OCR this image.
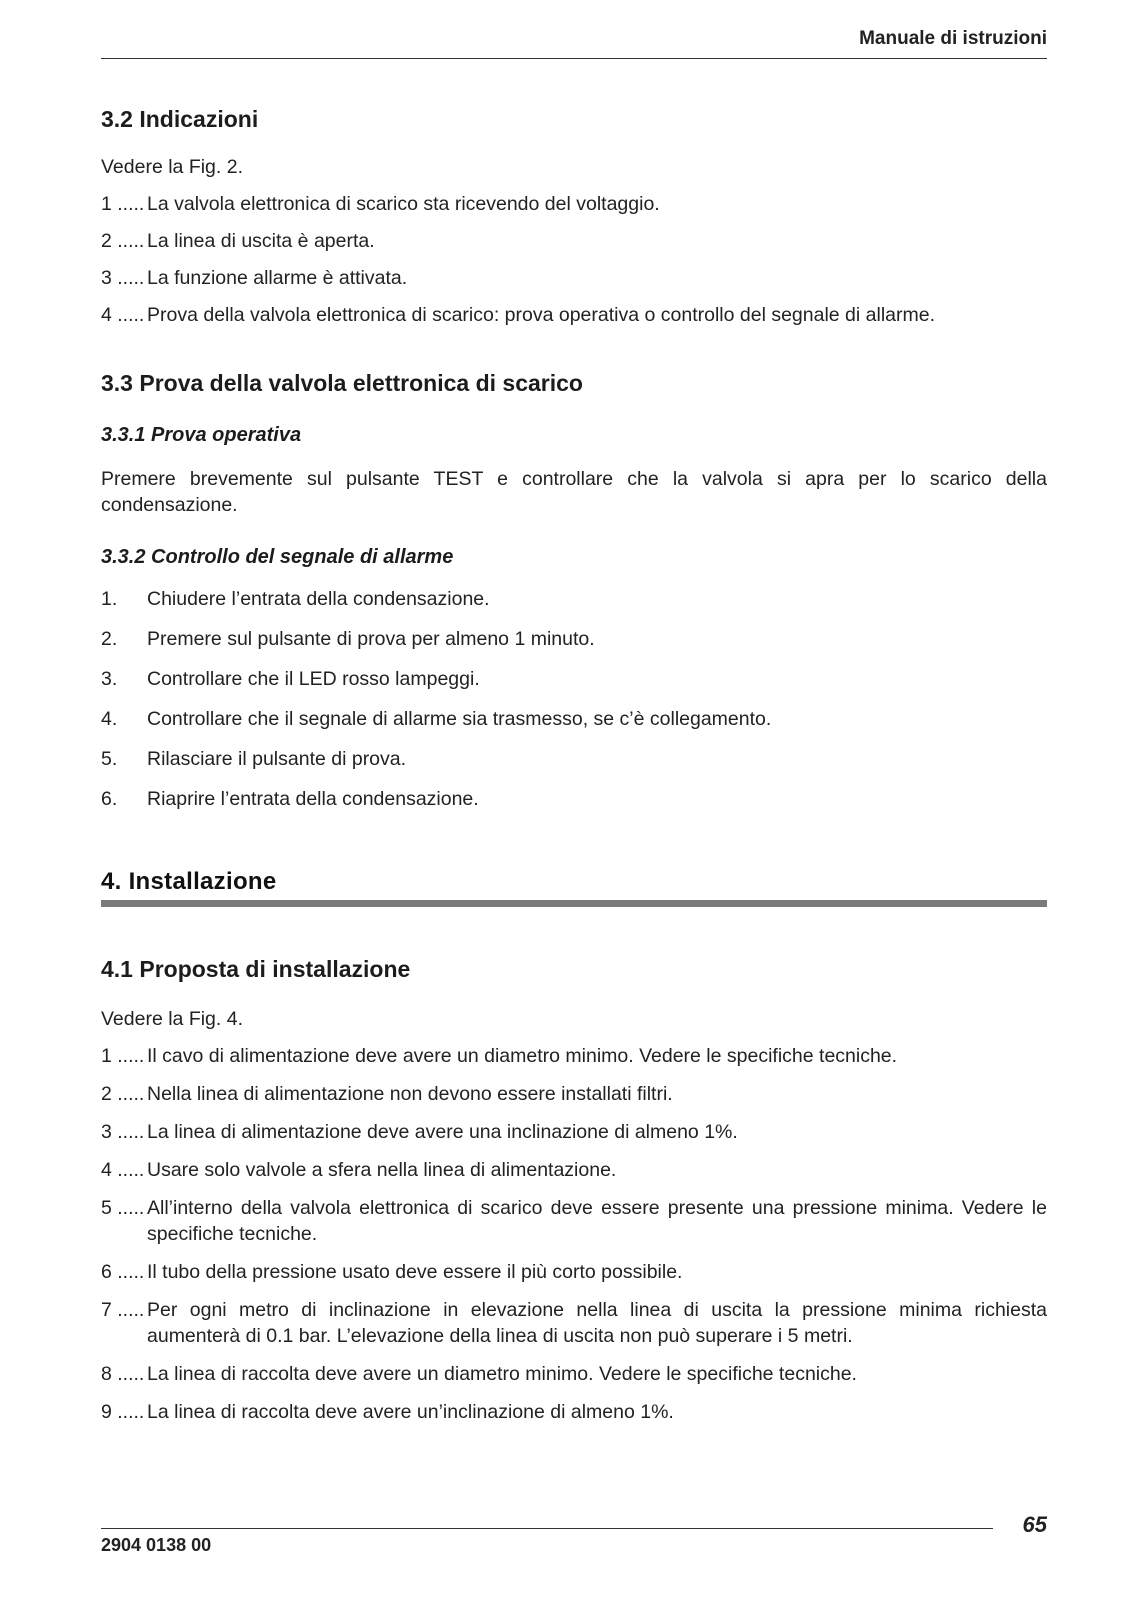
Manuale di istruzioni
3.2 Indicazioni
Vedere la Fig. 2.
1 ..... La valvola elettronica di scarico sta ricevendo del voltaggio.
2 ..... La linea di uscita è aperta.
3 ..... La funzione allarme è attivata.
4 ..... Prova della valvola elettronica di scarico: prova operativa o controllo del segnale di allarme.
3.3 Prova della valvola elettronica di scarico
3.3.1 Prova operativa
Premere brevemente sul pulsante TEST e controllare che la valvola si apra per lo scarico della condensazione.
3.3.2 Controllo del segnale di allarme
1. Chiudere l’entrata della condensazione.
2. Premere sul pulsante di prova per almeno 1 minuto.
3. Controllare che il LED rosso lampeggi.
4. Controllare che il segnale di allarme sia trasmesso, se c’è collegamento.
5. Rilasciare il pulsante di prova.
6. Riaprire l’entrata della condensazione.
4. Installazione
4.1 Proposta di installazione
Vedere la Fig. 4.
1 ..... Il cavo di alimentazione deve avere un diametro minimo. Vedere le specifiche tecniche.
2 ..... Nella linea di alimentazione non devono essere installati filtri.
3 ..... La linea di alimentazione deve avere una inclinazione di almeno 1%.
4 ..... Usare solo valvole a sfera nella linea di alimentazione.
5 ..... All’interno della valvola elettronica di scarico deve essere presente una pressione minima. Vedere le specifiche tecniche.
6 ..... Il tubo della pressione usato deve essere il più corto possibile.
7 ..... Per ogni metro di inclinazione in elevazione nella linea di uscita la pressione minima richiesta aumenterà di 0.1 bar. L’elevazione della linea di uscita non può superare i 5 metri.
8 ..... La linea di raccolta deve avere un diametro minimo. Vedere le specifiche tecniche.
9 ..... La linea di raccolta deve avere un’inclinazione di almeno 1%.
2904 0138 00
65
